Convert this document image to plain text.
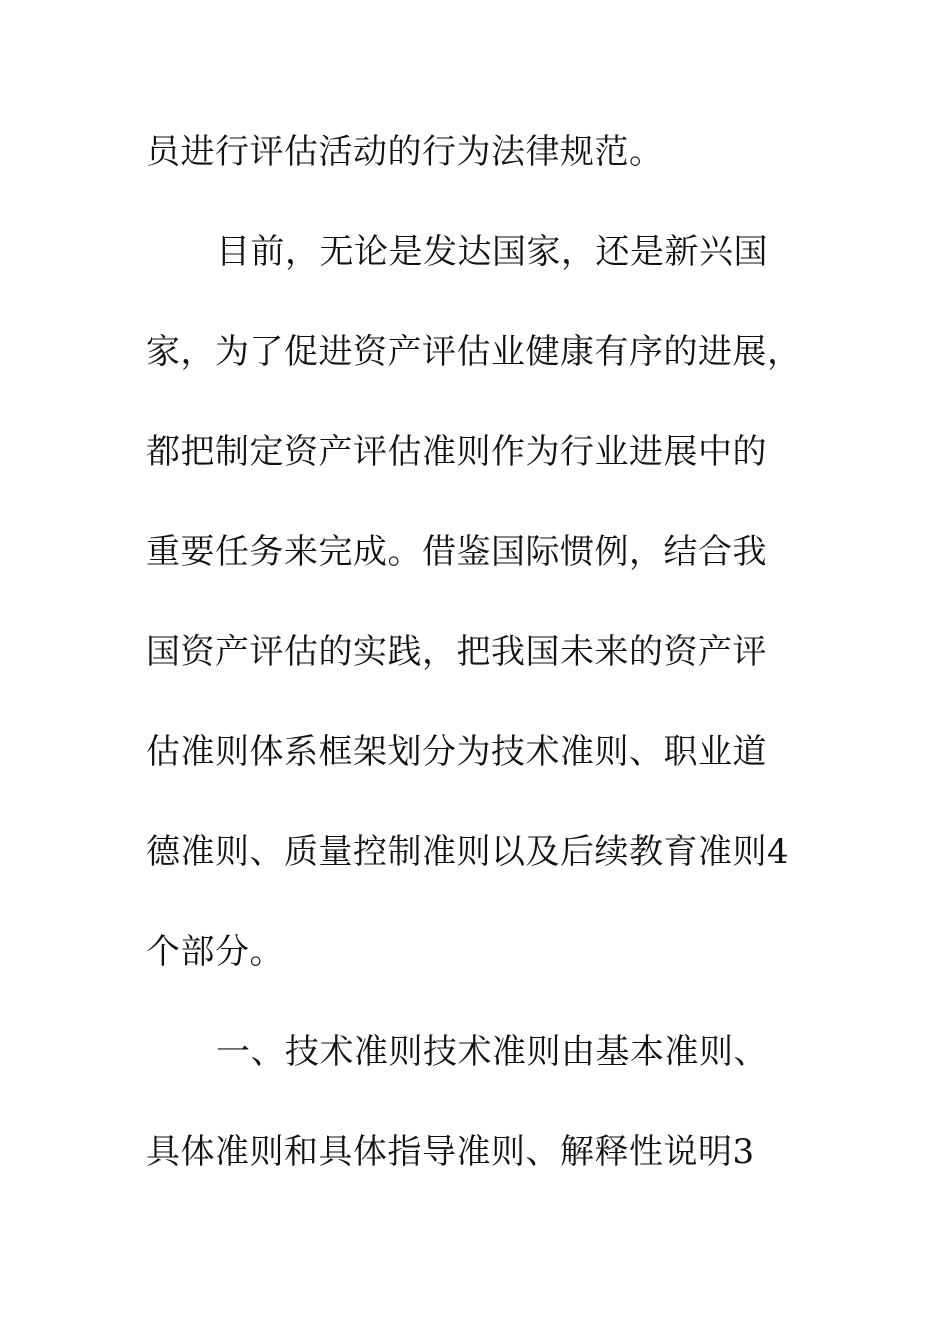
员进行评估活动的行为法律规范。
目前，无论是发达国家，还是新兴国
家，为了促进资产评估业健康有序的进展，
都把制定资产评估准则作为行业进展中的
重要任务来完成。借鉴国际惯例，结合我
国资产评估的实践，把我国未来的资产评
估准则体系框架划分为技术准则、职业道
德准则、质量控制准则以及后续教育准则4
个部分。
一、技术准则技术准则由基本准则、
具体准则和具体指导准则、解释性说明3
